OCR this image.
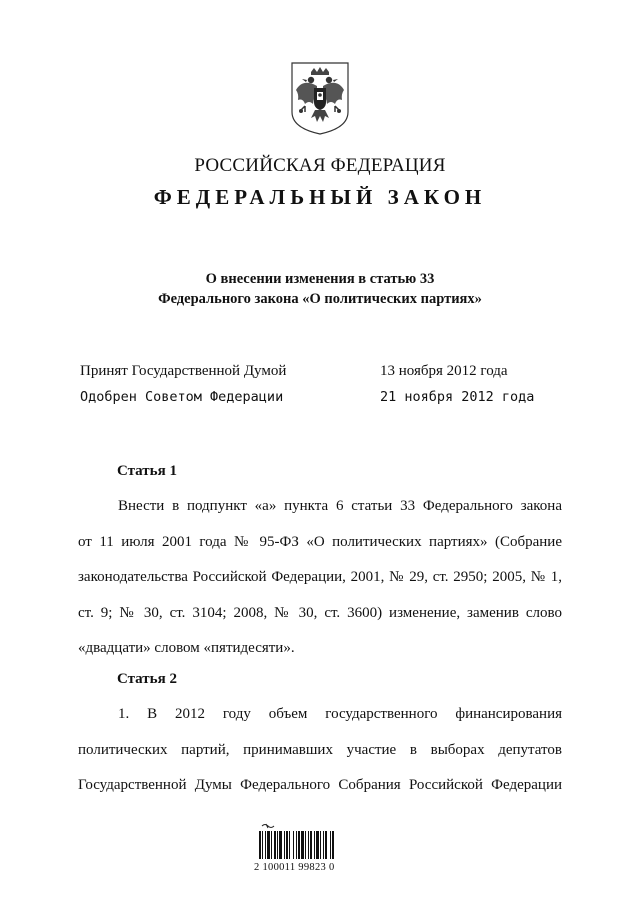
РОССИЙСКАЯ ФЕДЕРАЦИЯ
ФЕДЕРАЛЬНЫЙ ЗАКОН
О внесении изменения в статью 33
Федерального закона «О политических партиях»
Принят Государственной Думой	13 ноября 2012 года
Одобрен Советом Федерации	21 ноября 2012 года
Статья 1
Внести в подпункт «а» пункта 6 статьи 33 Федерального закона
от 11 июля 2001 года № 95-ФЗ «О политических партиях» (Собрание
законодательства Российской Федерации, 2001, № 29, ст. 2950; 2005, № 1,
ст. 9; № 30, ст. 3104; 2008, № 30, ст. 3600) изменение, заменив слово
«двадцати» словом «пятидесяти».
Статья 2
1. В 2012 году объем государственного финансирования
политических партий, принимавших участие в выборах депутатов
Государственной Думы Федерального Собрания Российской Федерации
2 100011 99823 0
